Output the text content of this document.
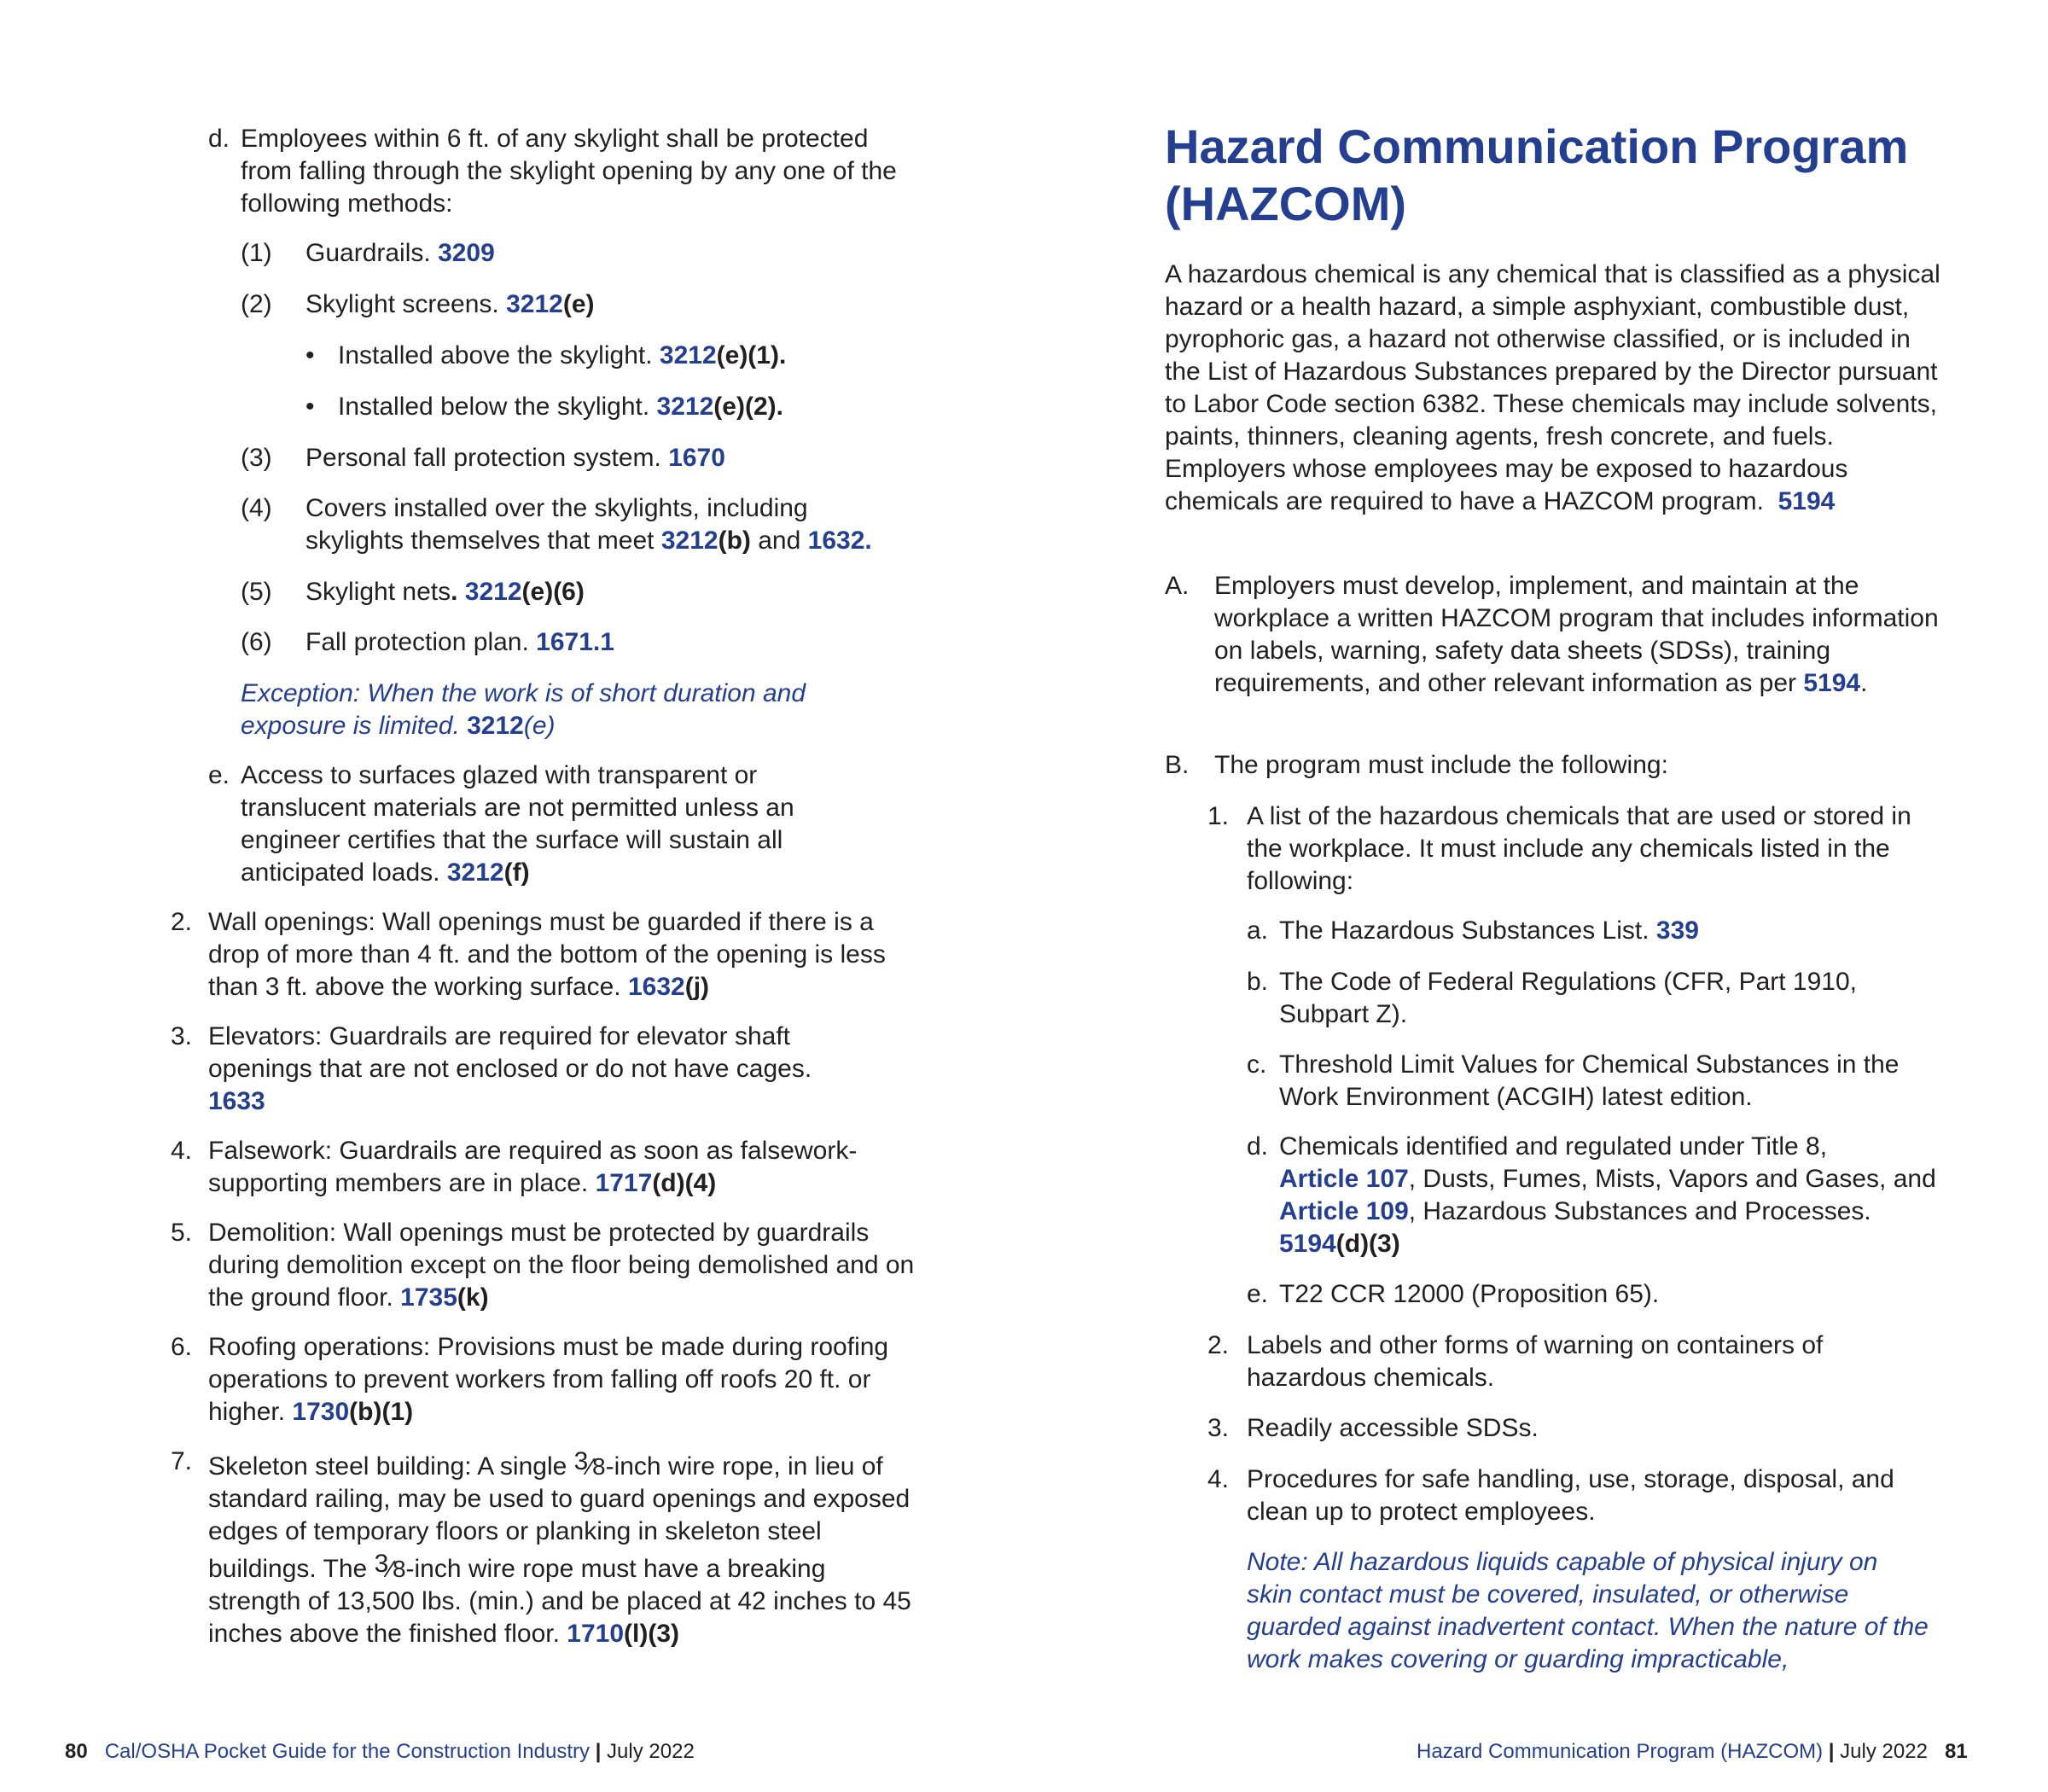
d. Employees within 6 ft. of any skylight shall be protected from falling through the skylight opening by any one of the following methods:
(1) Guardrails. 3209
(2) Skylight screens. 3212(e)
• Installed above the skylight. 3212(e)(1).
• Installed below the skylight. 3212(e)(2).
(3) Personal fall protection system. 1670
(4) Covers installed over the skylights, including
skylights themselves that meet 3212(b) and 1632.
(5) Skylight nets. 3212(e)(6)
(6) Fall protection plan. 1671.1
Exception: When the work is of short duration and
exposure is limited. 3212(e)
e. Access to surfaces glazed with transparent or translucent materials are not permitted unless an engineer certifies that the surface will sustain all anticipated loads. 3212(f)
2. Wall openings: Wall openings must be guarded if there is a drop of more than 4 ft. and the bottom of the opening is less than 3 ft. above the working surface. 1632(j)
3. Elevators: Guardrails are required for elevator shaft openings that are not enclosed or do not have cages. 1633
4. Falsework: Guardrails are required as soon as falsework-supporting members are in place. 1717(d)(4)
5. Demolition: Wall openings must be protected by guardrails during demolition except on the floor being demolished and on the ground floor. 1735(k)
6. Roofing operations: Provisions must be made during roofing operations to prevent workers from falling off roofs 20 ft. or higher. 1730(b)(1)
7. Skeleton steel building: A single $^3$⁄8-inch wire rope, in lieu of standard railing, may be used to guard openings and exposed edges of temporary floors or planking in skeleton steel buildings. The $^3$⁄8-inch wire rope must have a breaking strength of 13,500 lbs. (min.) and be placed at 42 inches to 45 inches above the finished floor. 1710(l)(3)
80 Cal/OSHA Pocket Guide for the Construction Industry | July 2022
Hazard Communication Program (HAZCOM)
A hazardous chemical is any chemical that is classified as a physical hazard or a health hazard, a simple asphyxiant, combustible dust, pyrophoric gas, a hazard not otherwise classified, or is included in the List of Hazardous Substances prepared by the Director pursuant to Labor Code section 6382. These chemicals may include solvents, paints, thinners, cleaning agents, fresh concrete, and fuels. Employers whose employees may be exposed to hazardous chemicals are required to have a HAZCOM program. 5194
A. Employers must develop, implement, and maintain at the workplace a written HAZCOM program that includes information on labels, warning, safety data sheets (SDSs), training requirements, and other relevant information as per 5194.
B. The program must include the following:
1. A list of the hazardous chemicals that are used or stored in the workplace. It must include any chemicals listed in the following:
a. The Hazardous Substances List. 339
b. The Code of Federal Regulations (CFR, Part 1910, Subpart Z).
c. Threshold Limit Values for Chemical Substances in the Work Environment (ACGIH) latest edition.
d. Chemicals identified and regulated under Title 8,
Article 107, Dusts, Fumes, Mists, Vapors and Gases, and Article 109, Hazardous Substances and Processes. 5194(d)(3)
e. T22 CCR 12000 (Proposition 65).
2. Labels and other forms of warning on containers of hazardous chemicals.
3. Readily accessible SDSs.
4. Procedures for safe handling, use, storage, disposal, and clean up to protect employees.
Note: All hazardous liquids capable of physical injury on skin contact must be covered, insulated, or otherwise guarded against inadvertent contact. When the nature of the work makes covering or guarding impracticable,
Hazard Communication Program (HAZCOM) | July 2022 81
